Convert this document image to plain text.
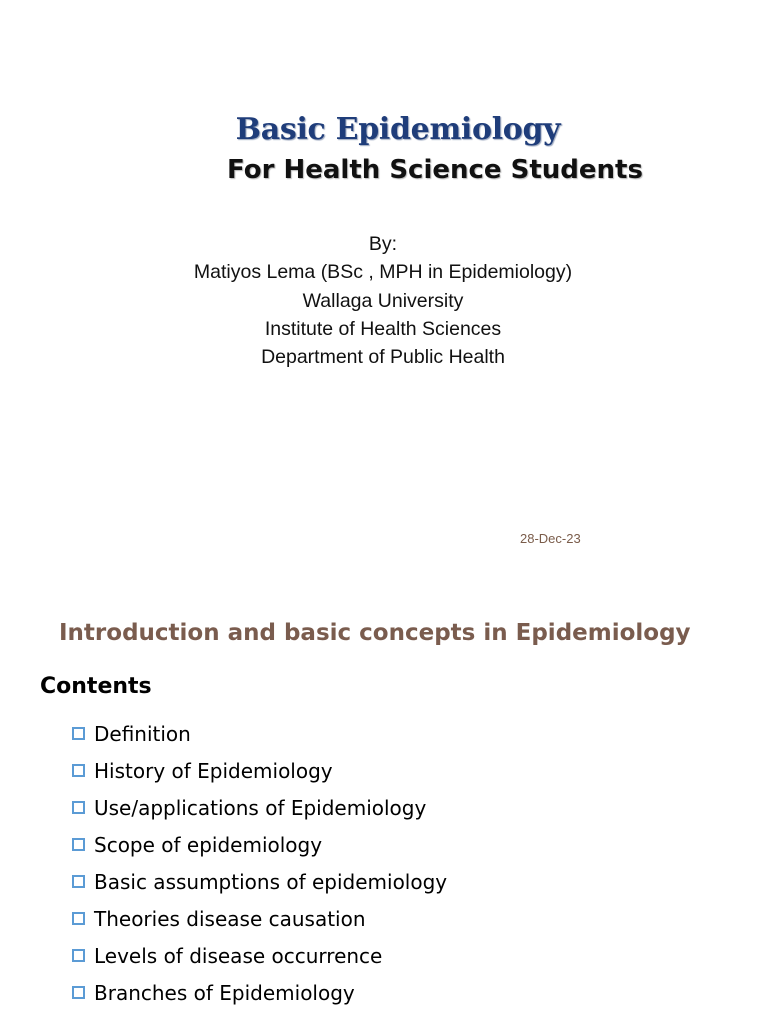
Basic Epidemiology
For Health Science Students
By:
Matiyos Lema (BSc , MPH in Epidemiology)
Wallaga University
Institute of Health Sciences
Department of Public Health
28-Dec-23
Introduction and basic concepts in Epidemiology
Contents
Definition
History of Epidemiology
Use/applications of Epidemiology
Scope of epidemiology
Basic assumptions of epidemiology
Theories disease causation
Levels of disease occurrence
Branches of Epidemiology
